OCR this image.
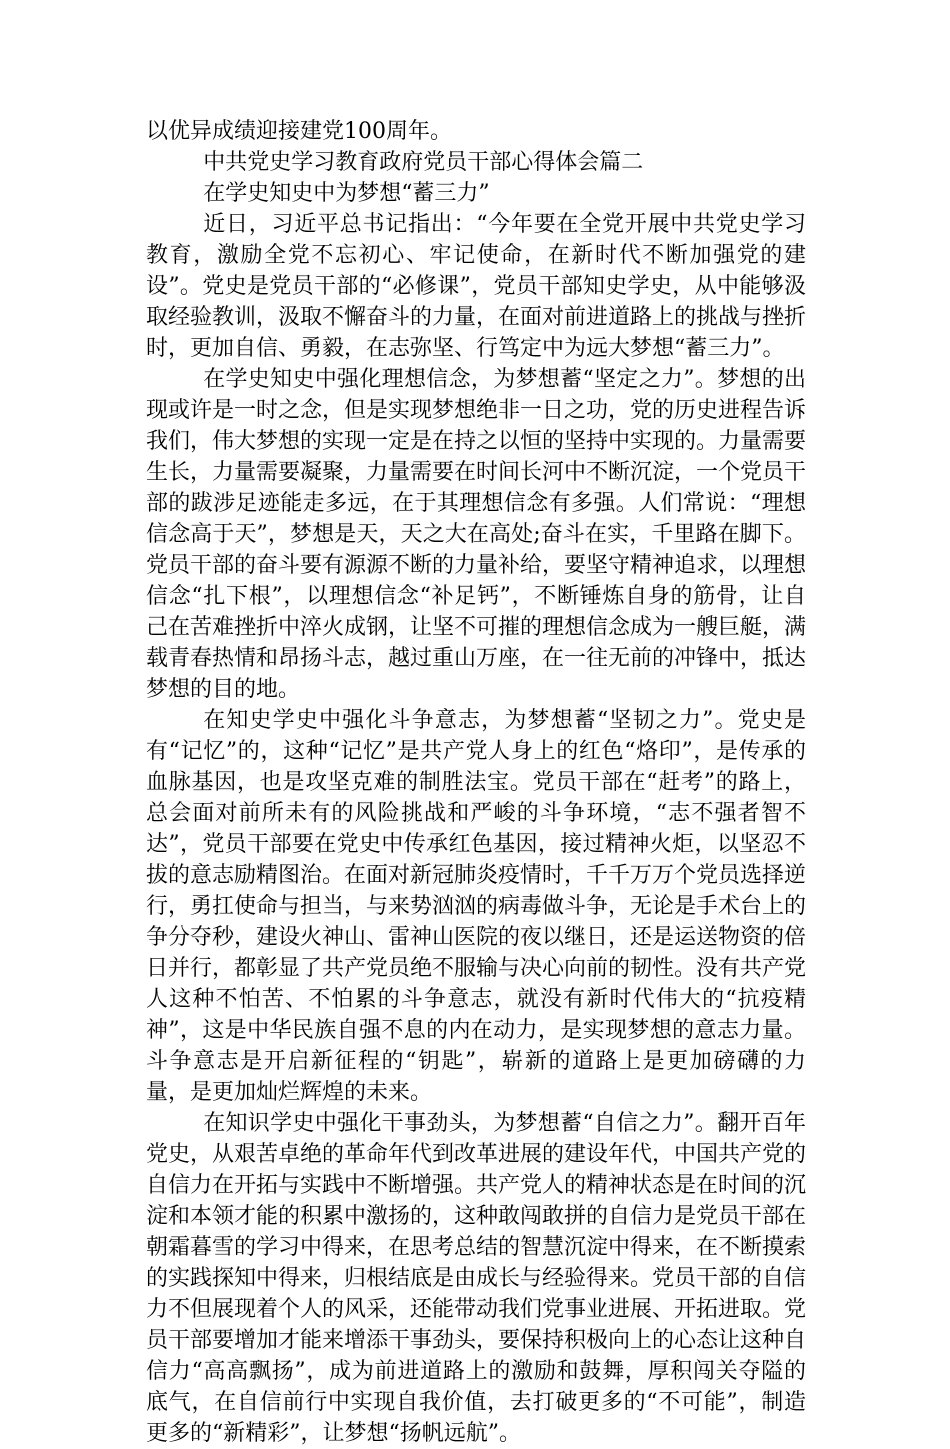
以优异成绩迎接建党100周年。

中共党史学习教育政府党员干部心得体会篇二

在学史知史中为梦想“蓄三力”

近日，习近平总书记指出：“今年要在全党开展中共党史学习教育，激励全党不忘初心、牢记使命，在新时代不断加强党的建设”。党史是党员干部的“必修课”，党员干部知史学史，从中能够汲取经验教训，汲取不懈奋斗的力量，在面对前进道路上的挑战与挫折时，更加自信、勇毅，在志弥坚、行笃定中为远大梦想“蓄三力”。

在学史知史中强化理想信念，为梦想蓄“坚定之力”。梦想的出现或许是一时之念，但是实现梦想绝非一日之功，党的历史进程告诉我们，伟大梦想的实现一定是在持之以恒的坚持中实现的。力量需要生长，力量需要凝聚，力量需要在时间长河中不断沉淀，一个党员干部的跋涉足迹能走多远，在于其理想信念有多强。人们常说：“理想信念高于天”，梦想是天，天之大在高处;奋斗在实，千里路在脚下。党员干部的奋斗要有源源不断的力量补给，要坚守精神追求，以理想信念“扎下根”，以理想信念“补足钙”，不断锤炼自身的筋骨，让自己在苦难挫折中淬火成钢，让坚不可摧的理想信念成为一艘巨艇，满载青春热情和昂扬斗志，越过重山万座，在一往无前的冲锋中，抵达梦想的目的地。

在知史学史中强化斗争意志，为梦想蓄“坚韧之力”。党史是有“记忆”的，这种“记忆”是共产党人身上的红色“烙印”，是传承的血脉基因，也是攻坚克难的制胜法宝。党员干部在“赶考”的路上，总会面对前所未有的风险挑战和严峻的斗争环境，“志不强者智不达”，党员干部要在党史中传承红色基因，接过精神火炬，以坚忍不拔的意志励精图治。在面对新冠肺炎疫情时，千千万万个党员选择逆行，勇扛使命与担当，与来势汹汹的病毒做斗争，无论是手术台上的争分夺秒，建设火神山、雷神山医院的夜以继日，还是运送物资的倍日并行，都彰显了共产党员绝不服输与决心向前的韧性。没有共产党人这种不怕苦、不怕累的斗争意志，就没有新时代伟大的“抗疫精神”，这是中华民族自强不息的内在动力，是实现梦想的意志力量。斗争意志是开启新征程的“钥匙”，崭新的道路上是更加磅礴的力量，是更加灿烂辉煌的未来。

在知识学史中强化干事劲头，为梦想蓄“自信之力”。翻开百年党史，从艰苦卓绝的革命年代到改革进展的建设年代，中国共产党的自信力在开拓与实践中不断增强。共产党人的精神状态是在时间的沉淀和本领才能的积累中激扬的，这种敢闯敢拼的自信力是党员干部在朝霜暮雪的学习中得来，在思考总结的智慧沉淀中得来，在不断摸索的实践探知中得来，归根结底是由成长与经验得来。党员干部的自信力不但展现着个人的风采，还能带动我们党事业进展、开拓进取。党员干部要增加才能来增添干事劲头，要保持积极向上的心态让这种自信力“高高飘扬”，成为前进道路上的激励和鼓舞，厚积闯关夺隘的底气，在自信前行中实现自我价值，去打破更多的“不可能”，制造更多的“新精彩”，让梦想“扬帆远航”。
